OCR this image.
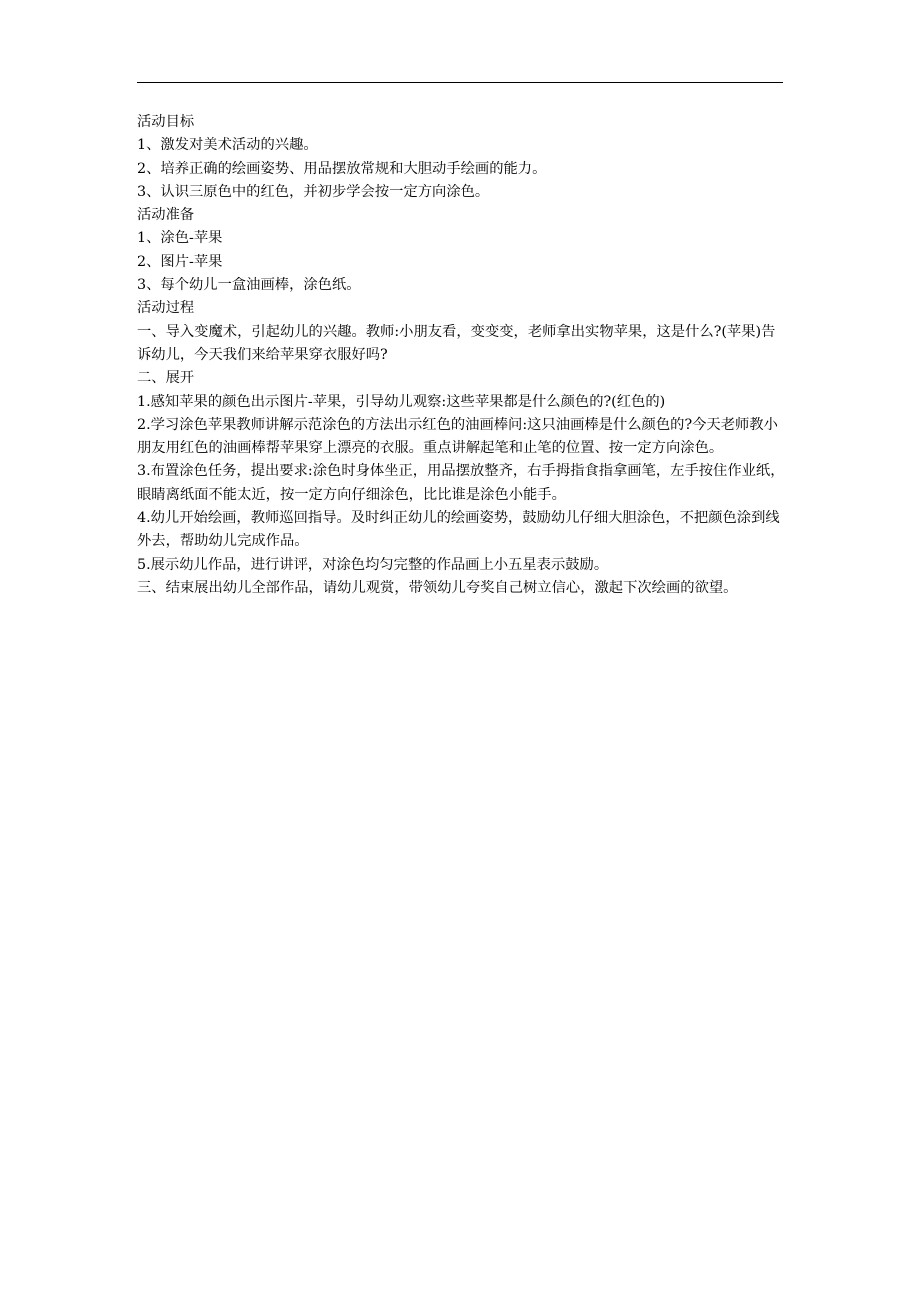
活动目标
1、激发对美术活动的兴趣。
2、培养正确的绘画姿势、用品摆放常规和大胆动手绘画的能力。
3、认识三原色中的红色，并初步学会按一定方向涂色。
活动准备
1、涂色-苹果
2、图片-苹果
3、每个幼儿一盒油画棒，涂色纸。
活动过程
一、导入变魔术，引起幼儿的兴趣。教师:小朋友看，变变变，老师拿出实物苹果，这是什么?(苹果)告诉幼儿，今天我们来给苹果穿衣服好吗?
二、展开
1.感知苹果的颜色出示图片-苹果，引导幼儿观察:这些苹果都是什么颜色的?(红色的)
2.学习涂色苹果教师讲解示范涂色的方法出示红色的油画棒问:这只油画棒是什么颜色的?今天老师教小朋友用红色的油画棒帮苹果穿上漂亮的衣服。重点讲解起笔和止笔的位置、按一定方向涂色。
3.布置涂色任务，提出要求:涂色时身体坐正，用品摆放整齐，右手拇指食指拿画笔，左手按住作业纸，眼睛离纸面不能太近，按一定方向仔细涂色，比比谁是涂色小能手。
4.幼儿开始绘画，教师巡回指导。及时纠正幼儿的绘画姿势，鼓励幼儿仔细大胆涂色，不把颜色涂到线外去，帮助幼儿完成作品。
5.展示幼儿作品，进行讲评，对涂色均匀完整的作品画上小五星表示鼓励。
三、结束展出幼儿全部作品，请幼儿观赏，带领幼儿夸奖自己树立信心，激起下次绘画的欲望。
